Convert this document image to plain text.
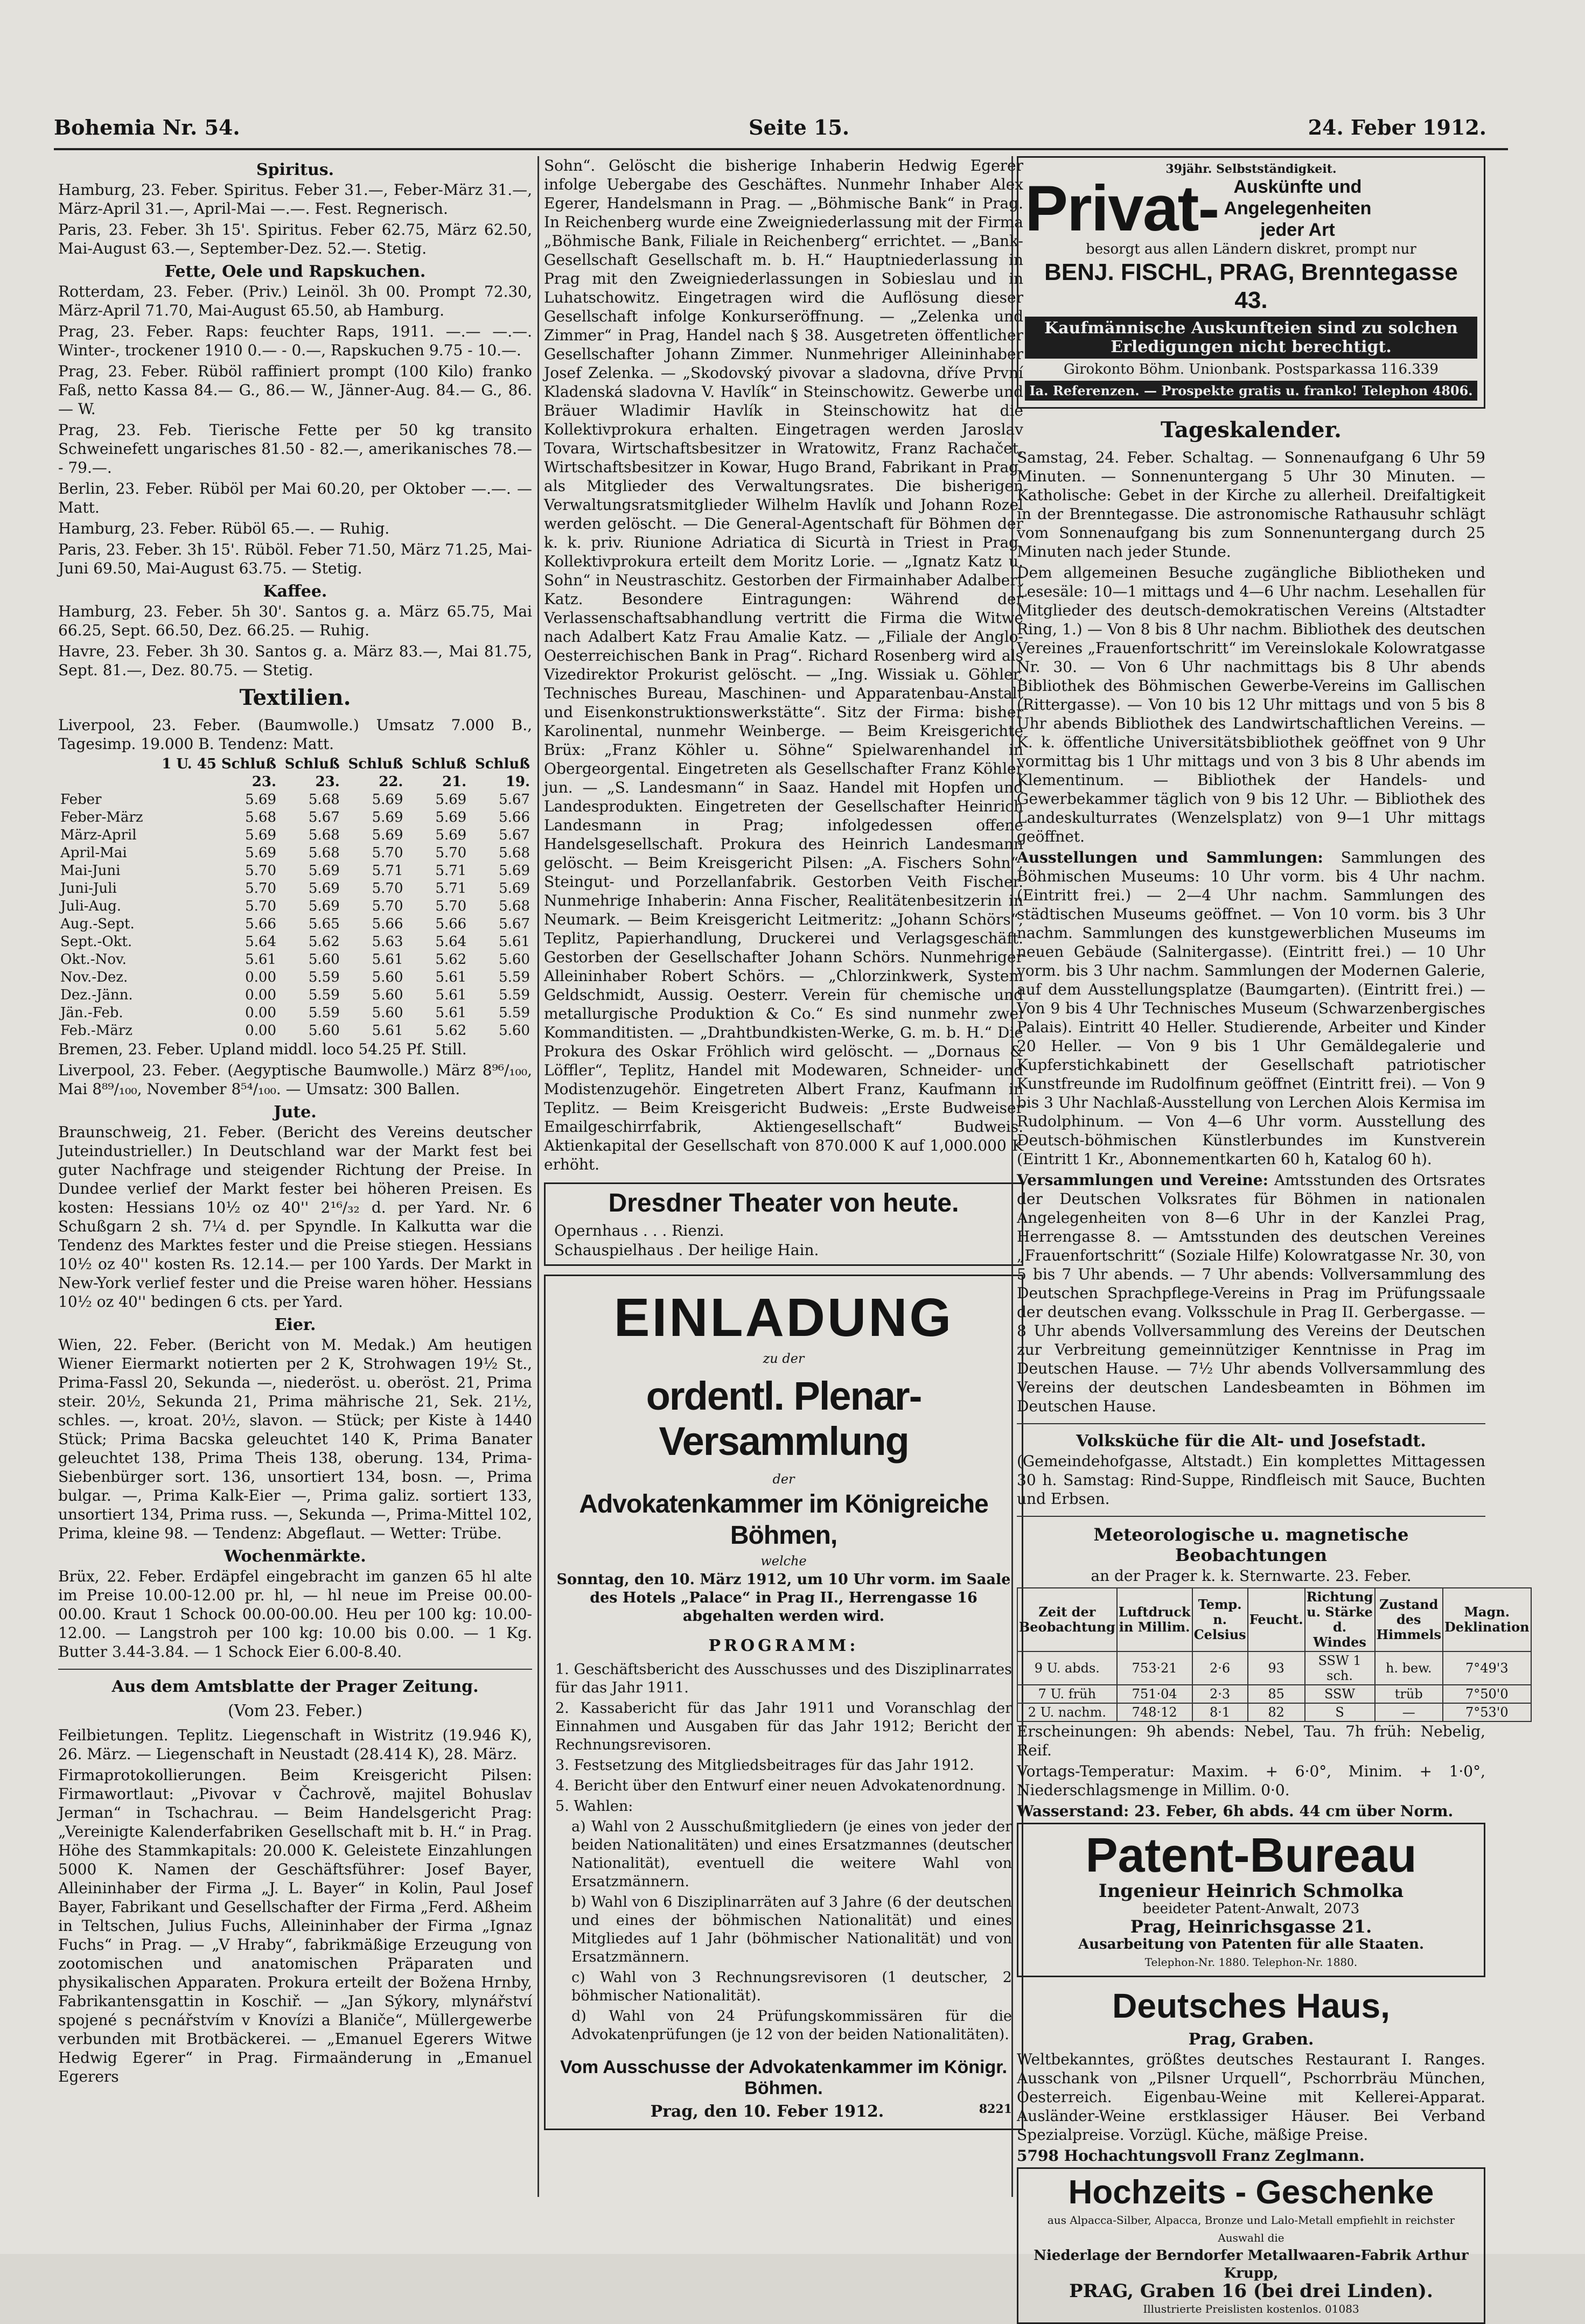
Bohemia Nr. 54.	Seite 15.	24. Feber 1912.
Spiritus.

Hamburg, 23. Feber. Spiritus. Feber 31.—, Feber-März 31.—, März-April 31.—, April-Mai —.—. Fest. Regnerisch.

Paris, 23. Feber. 3h 15'. Spiritus. Feber 62.75, März 62.50, Mai-August 63.—, September-Dez. 52.—. Stetig.

Fette, Oele und Rapskuchen.

Rotterdam, 23. Feber. (Priv.) Leinöl. 3h 00. Prompt 72.30, März-April 71.70, Mai-August 65.50, ab Hamburg.

Prag, 23. Feber. Raps: feuchter Raps, 1911. —.— —.—. Winter-, trockener 1910 0.— - 0.—, Rapskuchen 9.75 - 10.—.

Prag, 23. Feber. Rüböl raffiniert prompt (100 Kilo) franko Faß, netto Kassa 84.— G., 86.— W., Jänner-Aug. 84.— G., 86.— W.

Prag, 23. Feb. Tierische Fette per 50 kg transito Schweinefett ungarisches 81.50 - 82.—, amerikanisches 78.— - 79.—.

Berlin, 23. Feber. Rüböl per Mai 60.20, per Oktober —.—. — Matt.

Hamburg, 23. Feber. Rüböl 65.—. — Ruhig.

Paris, 23. Feber. 3h 15'. Rüböl. Feber 71.50, März 71.25, Mai-Juni 69.50, Mai-August 63.75. — Stetig.

Kaffee.

Hamburg, 23. Feber. 5h 30'. Santos g. a. März 65.75, Mai 66.25, Sept. 66.50, Dez. 66.25. — Ruhig.

Havre, 23. Feber. 3h 30. Santos g. a. März 83.—, Mai 81.75, Sept. 81.—, Dez. 80.75. — Stetig.

Textilien.

Liverpool, 23. Feber. (Baumwolle.) Umsatz 7.000 B., Tagesimp. 19.000 B. Tendenz: Matt.

	1 U. 45 Schluß	Schluß	Schluß	Schluß	Schluß
	23.	23.	22.	21.	19.
Feber	5.69	5.68	5.69	5.69	5.67
Feber-März	5.68	5.67	5.69	5.69	5.66
März-April	5.69	5.68	5.69	5.69	5.67
April-Mai	5.69	5.68	5.70	5.70	5.68
Mai-Juni	5.70	5.69	5.71	5.71	5.69
Juni-Juli	5.70	5.69	5.70	5.71	5.69
Juli-Aug.	5.70	5.69	5.70	5.70	5.68
Aug.-Sept.	5.66	5.65	5.66	5.66	5.67
Sept.-Okt.	5.64	5.62	5.63	5.64	5.61
Okt.-Nov.	5.61	5.60	5.61	5.62	5.60
Nov.-Dez.	0.00	5.59	5.60	5.61	5.59
Dez.-Jänn.	0.00	5.59	5.60	5.61	5.59
Jän.-Feb.	0.00	5.59	5.60	5.61	5.59
Feb.-März	0.00	5.60	5.61	5.62	5.60

Bremen, 23. Feber. Upland middl. loco 54.25 Pf. Still.

Liverpool, 23. Feber. (Aegyptische Baumwolle.) März 8⁹⁶/₁₀₀, Mai 8⁸⁹/₁₀₀, November 8⁵⁴/₁₀₀. — Umsatz: 300 Ballen.

Jute.

Braunschweig, 21. Feber. (Bericht des Vereins deutscher Juteindustrieller.) In Deutschland war der Markt fest bei guter Nachfrage und steigender Richtung der Preise. In Dundee verlief der Markt fester bei höheren Preisen. Es kosten: Hessians 10½ oz 40'' 2¹⁶/₃₂ d. per Yard. Nr. 6 Schußgarn 2 sh. 7¼ d. per Spyndle. In Kalkutta war die Tendenz des Marktes fester und die Preise stiegen. Hessians 10½ oz 40'' kosten Rs. 12.14.— per 100 Yards. Der Markt in New-York verlief fester und die Preise waren höher. Hessians 10½ oz 40'' bedingen 6 cts. per Yard.

Eier.

Wien, 22. Feber. (Bericht von M. Medak.) Am heutigen Wiener Eiermarkt notierten per 2 K, Strohwagen 19½ St., Prima-Fassl 20, Sekunda —, niederöst. u. oberöst. 21, Prima steir. 20½, Sekunda 21, Prima mährische 21, Sek. 21½, schles. —, kroat. 20½, slavon. — Stück; per Kiste à 1440 Stück; Prima Bacska geleuchtet 140 K, Prima Banater geleuchtet 138, Prima Theis 138, oberung. 134, Prima-Siebenbürger sort. 136, unsortiert 134, bosn. —, Prima bulgar. —, Prima Kalk-Eier —, Prima galiz. sortiert 133, unsortiert 134, Prima russ. —, Sekunda —, Prima-Mittel 102, Prima, kleine 98. — Tendenz: Abgeflaut. — Wetter: Trübe.

Wochenmärkte.

Brüx, 22. Feber. Erdäpfel eingebracht im ganzen 65 hl alte im Preise 10.00-12.00 pr. hl, — hl neue im Preise 00.00-00.00. Kraut 1 Schock 00.00-00.00. Heu per 100 kg: 10.00-12.00. — Langstroh per 100 kg: 10.00 bis 0.00. — 1 Kg. Butter 3.44-3.84. — 1 Schock Eier 6.00-8.40.

Aus dem Amtsblatte der Prager Zeitung.
(Vom 23. Feber.)

Feilbietungen. Teplitz. Liegenschaft in Wistritz (19.946 K), 26. März. — Liegenschaft in Neustadt (28.414 K), 28. März.

Firmaprotokollierungen. Beim Kreisgericht Pilsen: Firmawortlaut: „Pivovar v Čachrově, majitel Bohuslav Jerman“ in Tschachrau. — Beim Handelsgericht Prag: „Vereinigte Kalenderfabriken Gesellschaft mit b. H.“ in Prag. Höhe des Stammkapitals: 20.000 K. Geleistete Einzahlungen 5000 K. Namen der Geschäftsführer: Josef Bayer, Alleininhaber der Firma „J. L. Bayer“ in Kolin, Paul Josef Bayer, Fabrikant und Gesellschafter der Firma „Ferd. Aßheim in Teltschen, Julius Fuchs, Alleininhaber der Firma „Ignaz Fuchs“ in Prag. — „V Hraby“, fabrikmäßige Erzeugung von zootomischen und anatomischen Präparaten und physikalischen Apparaten. Prokura erteilt der Božena Hrnby, Fabrikantensgattin in Koschiř. — „Jan Sýkory, mlynářství spojené s pecnářstvím v Knovízi a Blaniče“, Müllergewerbe verbunden mit Brotbäckerei. — „Emanuel Egerers Witwe Hedwig Egerer“ in Prag. Firmaänderung in „Emanuel Egerers

Sohn“. Gelöscht die bisherige Inhaberin Hedwig Egerer infolge Uebergabe des Geschäftes. Nunmehr Inhaber Alex Egerer, Handelsmann in Prag. — „Böhmische Bank“ in Prag. In Reichenberg wurde eine Zweigniederlassung mit der Firma „Böhmische Bank, Filiale in Reichenberg“ errichtet. — „Bank-Gesellschaft Gesellschaft m. b. H.“ Hauptniederlassung in Prag mit den Zweigniederlassungen in Sobieslau und in Luhatschowitz. Eingetragen wird die Auflösung dieser Gesellschaft infolge Konkurseröffnung. — „Zelenka und Zimmer“ in Prag, Handel nach § 38. Ausgetreten öffentlicher Gesellschafter Johann Zimmer. Nunmehriger Alleininhaber Josef Zelenka. — „Skodovský pivovar a sladovna, dříve První Kladenská sladovna V. Havlík“ in Steinschowitz. Gewerbe und Bräuer Wladimir Havlík in Steinschowitz hat die Kollektivprokura erhalten. Eingetragen werden Jaroslav Tovara, Wirtschaftsbesitzer in Wratowitz, Franz Rachačet, Wirtschaftsbesitzer in Kowar, Hugo Brand, Fabrikant in Prag, als Mitglieder des Verwaltungsrates. Die bisherigen Verwaltungsratsmitglieder Wilhelm Havlík und Johann Rozel werden gelöscht. — Die General-Agentschaft für Böhmen der k. k. priv. Riunione Adriatica di Sicurtà in Triest in Prag. Kollektivprokura erteilt dem Moritz Lorie. — „Ignatz Katz u. Sohn“ in Neustraschitz. Gestorben der Firmainhaber Adalbert Katz. Besondere Eintragungen: Während der Verlassenschaftsabhandlung vertritt die Firma die Witwe nach Adalbert Katz Frau Amalie Katz. — „Filiale der Anglo-Oesterreichischen Bank in Prag“. Richard Rosenberg wird als Vizedirektor Prokurist gelöscht. — „Ing. Wissiak u. Göhler, Technisches Bureau, Maschinen- und Apparatenbau-Anstalt und Eisenkonstruktionswerkstätte“. Sitz der Firma: bisher Karolinental, nunmehr Weinberge. — Beim Kreisgerichte Brüx: „Franz Köhler u. Söhne“ Spielwarenhandel in Obergeorgental. Eingetreten als Gesellschafter Franz Köhler jun. — „S. Landesmann“ in Saaz. Handel mit Hopfen und Landesprodukten. Eingetreten der Gesellschafter Heinrich Landesmann in Prag; infolgedessen offene Handelsgesellschaft. Prokura des Heinrich Landesmann gelöscht. — Beim Kreisgericht Pilsen: „A. Fischers Sohn“, Steingut- und Porzellanfabrik. Gestorben Veith Fischer. Nunmehrige Inhaberin: Anna Fischer, Realitätenbesitzerin in Neumark. — Beim Kreisgericht Leitmeritz: „Johann Schörs“, Teplitz, Papierhandlung, Druckerei und Verlagsgeschäft. Gestorben der Gesellschafter Johann Schörs. Nunmehriger Alleininhaber Robert Schörs. — „Chlorzinkwerk, System Geldschmidt, Aussig. Oesterr. Verein für chemische und metallurgische Produktion & Co.“ Es sind nunmehr zwei Kommanditisten. — „Drahtbundkisten-Werke, G. m. b. H.“ Die Prokura des Oskar Fröhlich wird gelöscht. — „Dornaus & Löffler“, Teplitz, Handel mit Modewaren, Schneider- und Modistenzugehör. Eingetreten Albert Franz, Kaufmann in Teplitz. — Beim Kreisgericht Budweis: „Erste Budweiser Emailgeschirrfabrik, Aktiengesellschaft“ Budweis. Aktienkapital der Gesellschaft von 870.000 K auf 1,000.000 K erhöht.

Dresdner Theater von heute.
Opernhaus . . . Rienzi.
Schauspielhaus . Der heilige Hain.
EINLADUNG
zu der
ordentl. Plenar-Versammlung
der
Advokatenkammer im Königreiche Böhmen,
welche

Sonntag, den 10. März 1912, um 10 Uhr vorm. im Saale des Hotels „Palace“ in Prag II., Herrengasse 16 abgehalten werden wird.

PROGRAMM:

1. Geschäftsbericht des Ausschusses und des Disziplinarrates für das Jahr 1911.

2. Kassabericht für das Jahr 1911 und Voranschlag der Einnahmen und Ausgaben für das Jahr 1912; Bericht der Rechnungsrevisoren.

3. Festsetzung des Mitgliedsbeitrages für das Jahr 1912.

4. Bericht über den Entwurf einer neuen Advokatenordnung.

5. Wahlen:

a) Wahl von 2 Ausschußmitgliedern (je eines von jeder der beiden Nationalitäten) und eines Ersatzmannes (deutscher Nationalität), eventuell die weitere Wahl von Ersatzmännern.

b) Wahl von 6 Disziplinarräten auf 3 Jahre (6 der deutschen und eines der böhmischen Nationalität) und eines Mitgliedes auf 1 Jahr (böhmischer Nationalität) und von Ersatzmännern.

c) Wahl von 3 Rechnungsrevisoren (1 deutscher, 2 böhmischer Nationalität).

d) Wahl von 24 Prüfungskommissären für die Advokatenprüfungen (je 12 von der beiden Nationalitäten).

Vom Ausschusse der Advokatenkammer im Königr. Böhmen.
Prag, den 10. Feber 1912.	8221
39jähr. Selbstständigkeit.
Privat- Auskünfte und
Angelegenheiten
jeder Art
besorgt aus allen Ländern diskret, prompt nur
BENJ. FISCHL, PRAG, Brenntegasse 43.
Kaufmännische Auskunfteien sind zu solchen Erledigungen nicht berechtigt.
Girokonto Böhm. Unionbank. Postsparkassa 116.339
Ia. Referenzen. — Prospekte gratis u. franko! Telephon 4806.
Tageskalender.

Samstag, 24. Feber. Schaltag. — Sonnenaufgang 6 Uhr 59 Minuten. — Sonnenuntergang 5 Uhr 30 Minuten. — Katholische: Gebet in der Kirche zu allerheil. Dreifaltigkeit in der Brenntegasse. Die astronomische Rathausuhr schlägt vom Sonnenaufgang bis zum Sonnenuntergang durch 25 Minuten nach jeder Stunde.

Dem allgemeinen Besuche zugängliche Bibliotheken und Lesesäle: 10—1 mittags und 4—6 Uhr nachm. Lesehallen für Mitglieder des deutsch-demokratischen Vereins (Altstadter Ring, 1.) — Von 8 bis 8 Uhr nachm. Bibliothek des deutschen Vereines „Frauenfortschritt“ im Vereinslokale Kolowratgasse Nr. 30. — Von 6 Uhr nachmittags bis 8 Uhr abends Bibliothek des Böhmischen Gewerbe-Vereins im Gallischen (Rittergasse). — Von 10 bis 12 Uhr mittags und von 5 bis 8 Uhr abends Bibliothek des Landwirtschaftlichen Vereins. — K. k. öffentliche Universitätsbibliothek geöffnet von 9 Uhr vormittag bis 1 Uhr mittags und von 3 bis 8 Uhr abends im Klementinum. — Bibliothek der Handels- und Gewerbekammer täglich von 9 bis 12 Uhr. — Bibliothek des Landeskulturrates (Wenzelsplatz) von 9—1 Uhr mittags geöffnet.

Ausstellungen und Sammlungen: Sammlungen des Böhmischen Museums: 10 Uhr vorm. bis 4 Uhr nachm. (Eintritt frei.) — 2—4 Uhr nachm. Sammlungen des städtischen Museums geöffnet. — Von 10 vorm. bis 3 Uhr nachm. Sammlungen des kunstgewerblichen Museums im neuen Gebäude (Salnitergasse). (Eintritt frei.) — 10 Uhr vorm. bis 3 Uhr nachm. Sammlungen der Modernen Galerie, auf dem Ausstellungsplatze (Baumgarten). (Eintritt frei.) — Von 9 bis 4 Uhr Technisches Museum (Schwarzenbergisches Palais). Eintritt 40 Heller. Studierende, Arbeiter und Kinder 20 Heller. — Von 9 bis 1 Uhr Gemäldegalerie und Kupferstichkabinett der Gesellschaft patriotischer Kunstfreunde im Rudolfinum geöffnet (Eintritt frei). — Von 9 bis 3 Uhr Nachlaß-Ausstellung von Lerchen Alois Kermisa im Rudolphinum. — Von 4—6 Uhr vorm. Ausstellung des Deutsch-böhmischen Künstlerbundes im Kunstverein (Eintritt 1 Kr., Abonnementkarten 60 h, Katalog 60 h).

Versammlungen und Vereine: Amtsstunden des Ortsrates der Deutschen Volksrates für Böhmen in nationalen Angelegenheiten von 8—6 Uhr in der Kanzlei Prag, Herrengasse 8. — Amtsstunden des deutschen Vereines „Frauenfortschritt“ (Soziale Hilfe) Kolowratgasse Nr. 30, von 5 bis 7 Uhr abends. — 7 Uhr abends: Vollversammlung des Deutschen Sprachpflege-Vereins in Prag im Prüfungssaale der deutschen evang. Volksschule in Prag II. Gerbergasse. — 8 Uhr abends Vollversammlung des Vereins der Deutschen zur Verbreitung gemeinnütziger Kenntnisse in Prag im Deutschen Hause. — 7½ Uhr abends Vollversammlung des Vereins der deutschen Landesbeamten in Böhmen im Deutschen Hause.

Volksküche für die Alt- und Josefstadt.

(Gemeindehofgasse, Altstadt.) Ein komplettes Mittagessen 30 h. Samstag: Rind-Suppe, Rindfleisch mit Sauce, Buchten und Erbsen.

Meteorologische u. magnetische Beobachtungen
an der Prager k. k. Sternwarte. 23. Feber.
Zeit der Beobachtung	Luftdruck in Millim.	Temp. n. Celsius	Feucht.	Richtung u. Stärke d. Windes	Zustand des Himmels	Magn. Deklination
9 U. abds.	753·21	2·6	93	SSW 1 sch.	h. bew.	7°49'3
7 U. früh	751·04	2·3	85	SSW	trüb	7°50'0
2 U. nachm.	748·12	8·1	82	S	—	7°53'0

Erscheinungen: 9h abends: Nebel, Tau. 7h früh: Nebelig, Reif.

Vortags-Temperatur: Maxim. + 6·0°, Minim. + 1·0°, Niederschlagsmenge in Millim. 0·0.

Wasserstand: 23. Feber, 6h abds. 44 cm über Norm.

Patent-Bureau
Ingenieur Heinrich Schmolka
beeideter Patent-Anwalt, 2073
Prag, Heinrichsgasse 21.
Ausarbeitung von Patenten für alle Staaten.
Telephon-Nr. 1880. Telephon-Nr. 1880.
Deutsches Haus,
Prag, Graben.

Weltbekanntes, größtes deutsches Restaurant I. Ranges. Ausschank von „Pilsner Urquell“, Pschorrbräu München, Oesterreich. Eigenbau-Weine mit Kellerei-Apparat. Ausländer-Weine erstklassiger Häuser. Bei Verband Spezialpreise. Vorzügl. Küche, mäßige Preise.

5798 Hochachtungsvoll Franz Zeglmann.

Hochzeits - Geschenke
aus Alpacca-Silber, Alpacca, Bronze und Lalo-Metall empfiehlt in reichster Auswahl die
Niederlage der Berndorfer Metallwaaren-Fabrik Arthur Krupp,
PRAG, Graben 16 (bei drei Linden).
Illustrierte Preislisten kostenlos. 01083
